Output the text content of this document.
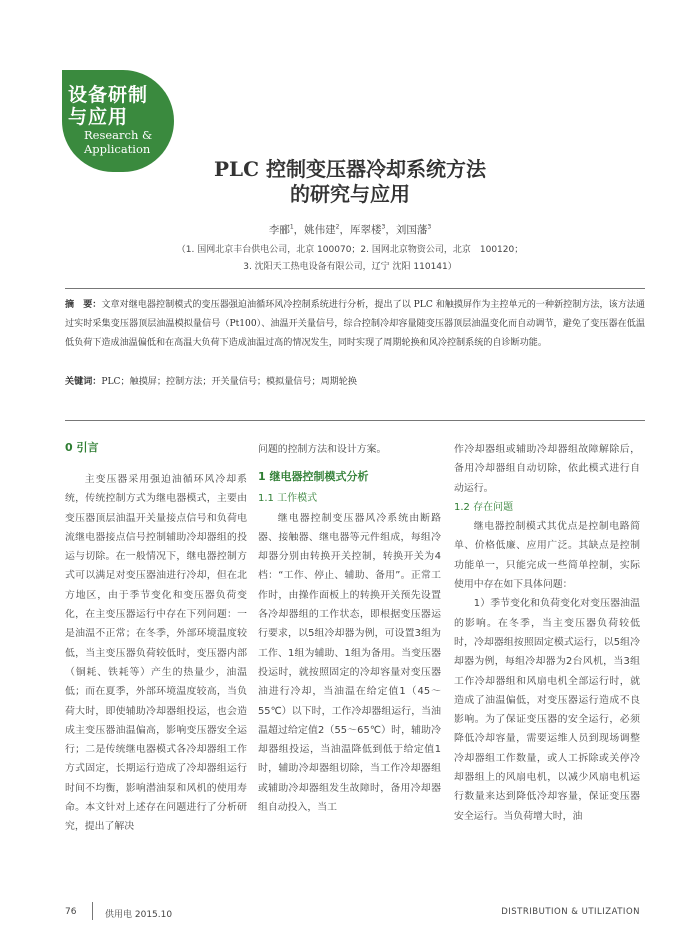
设备研制
与应用
Research &
Application
PLC 控制变压器冷却系统方法
的研究与应用
李郦$^1$，姚伟建$^2$，厍翠楼$^3$，刘国藩$^3$
（1. 国网北京丰台供电公司，北京 100070；2. 国网北京物资公司，北京　100120；
3. 沈阳天工热电设备有限公司，辽宁 沈阳 110141）
摘　要：文章对继电器控制模式的变压器强迫油循环风冷控制系统进行分析，提出了以 PLC 和触摸屏作为主控单元的一种新控制方法，该方法通过实时采集变压器顶层油温模拟量信号（Pt100）、油温开关量信号，综合控制冷却容量随变压器顶层油温变化而自动调节，避免了变压器在低温低负荷下造成油温偏低和在高温大负荷下造成油温过高的情况发生，同时实现了周期轮换和风冷控制系统的自诊断功能。
关键词：PLC；触摸屏；控制方法；开关量信号；模拟量信号；周期轮换
0 引言

主变压器采用强迫油循环风冷却系统，传统控制方式为继电器模式，主要由变压器顶层油温开关量接点信号和负荷电流继电器接点信号控制辅助冷却器组的投运与切除。在一般情况下，继电器控制方式可以满足对变压器油进行冷却，但在北方地区，由于季节变化和变压器负荷变化，在主变压器运行中存在下列问题：一是油温不正常；在冬季，外部环境温度较低，当主变压器负荷较低时，变压器内部（铜耗、铁耗等）产生的热量少，油温低；而在夏季，外部环境温度较高，当负荷大时，即使辅助冷却器组投运，也会造成主变压器油温偏高，影响变压器安全运行；二是传统继电器模式各冷却器组工作方式固定，长期运行造成了冷却器组运行时间不均衡，影响潜油泵和风机的使用寿命。本文针对上述存在问题进行了分析研究，提出了解决

问题的控制方法和设计方案。

1 继电器控制模式分析
1.1 工作模式

继电器控制变压器风冷系统由断路器、接触器、继电器等元件组成，每组冷却器分别由转换开关控制，转换开关为4档：“工作、停止、辅助、备用”。正常工作时，由操作面板上的转换开关预先设置各冷却器组的工作状态，即根据变压器运行要求，以5组冷却器为例，可设置3组为工作、1组为辅助、1组为备用。当变压器投运时，就按照固定的冷却容量对变压器油进行冷却，当油温在给定值1（45～55℃）以下时，工作冷却器组运行，当油温超过给定值2（55～65℃）时，辅助冷却器组投运，当油温降低到低于给定值1时，辅助冷却器组切除，当工作冷却器组或辅助冷却器组发生故障时，备用冷却器组自动投入，当工

作冷却器组或辅助冷却器组故障解除后，备用冷却器组自动切除，依此模式进行自动运行。

1.2 存在问题

继电器控制模式其优点是控制电路简单、价格低廉、应用广泛。其缺点是控制功能单一，只能完成一些简单控制，实际使用中存在如下具体问题：

1）季节变化和负荷变化对变压器油温的影响。在冬季，当主变压器负荷较低时，冷却器组按照固定模式运行，以5组冷却器为例，每组冷却器为2台风机，当3组工作冷却器组和风扇电机全部运行时，就造成了油温偏低，对变压器运行造成不良影响。为了保证变压器的安全运行，必须降低冷却容量，需要运维人员到现场调整冷却器组工作数量，或人工拆除或关停冷却器组上的风扇电机，以减少风扇电机运行数量来达到降低冷却容量，保证变压器安全运行。当负荷增大时，油

76	供用电 2015.10	DISTRIBUTION & UTILIZATION
